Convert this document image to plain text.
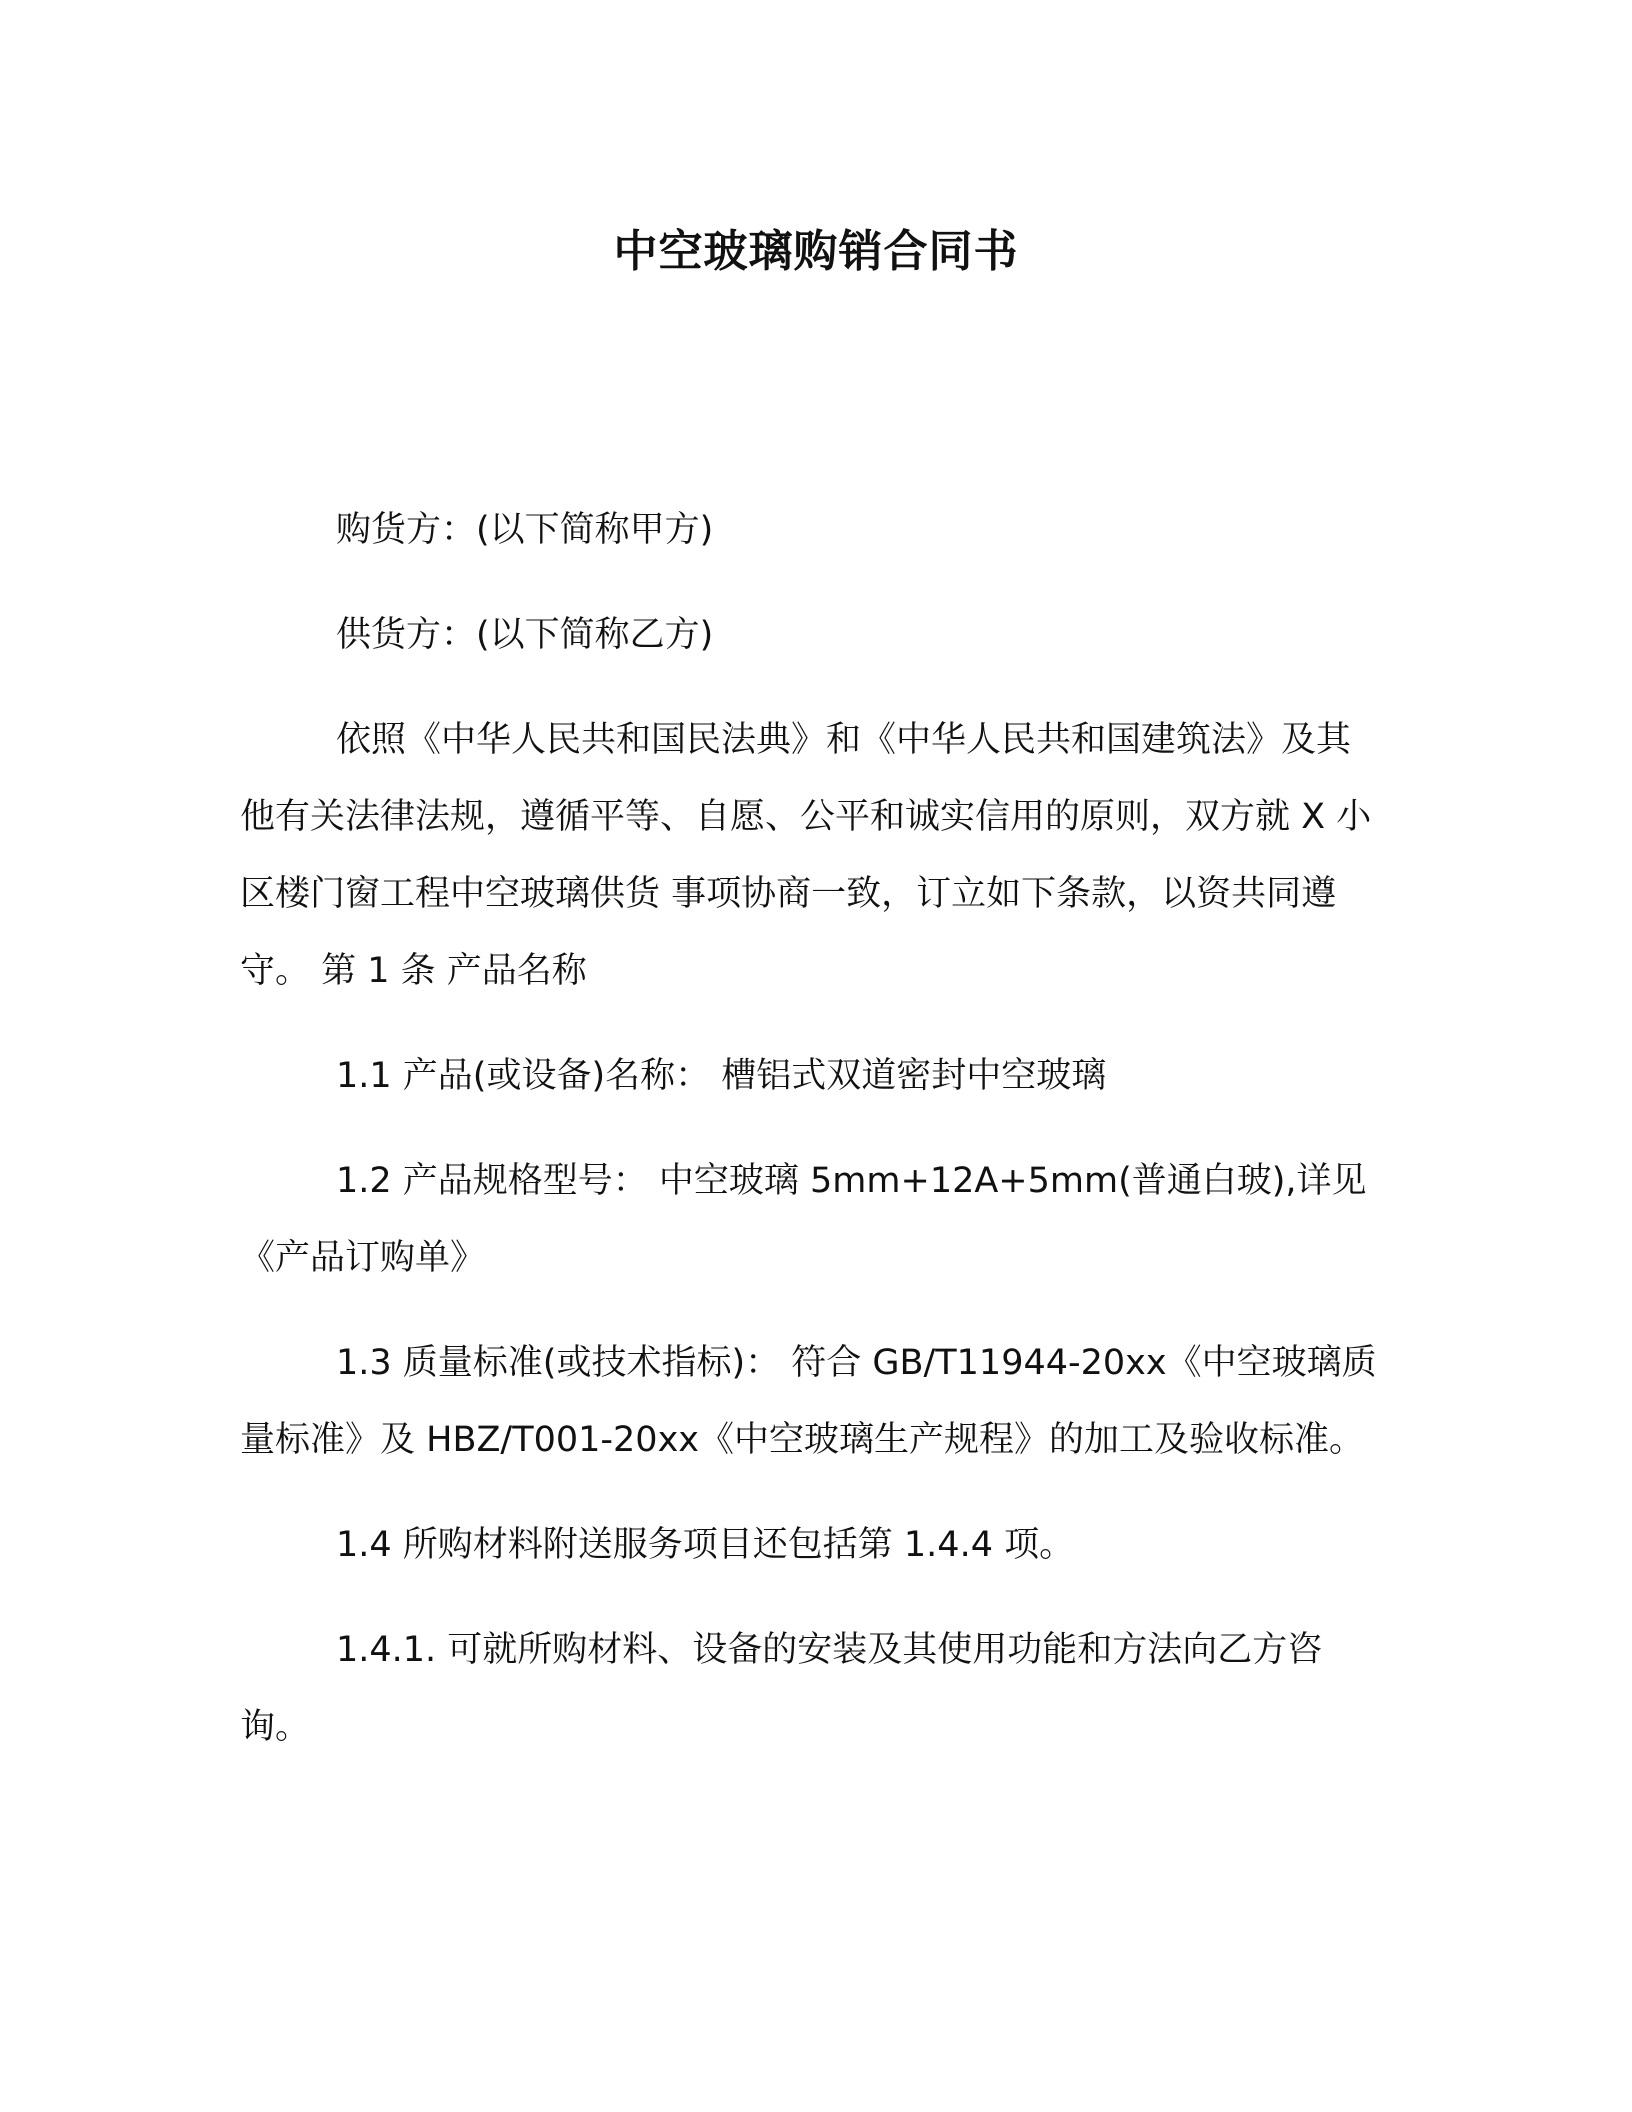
中空玻璃购销合同书

购货方：(以下简称甲方)

供货方：(以下简称乙方)

依照《中华人民共和国民法典》和《中华人民共和国建筑法》及其他有关法律法规，遵循平等、自愿、公平和诚实信用的原则，双方就 X 小区楼门窗工程中空玻璃供货 事项协商一致，订立如下条款，以资共同遵守。 第 1 条 产品名称

1.1 产品(或设备)名称： 槽铝式双道密封中空玻璃

1.2 产品规格型号： 中空玻璃 5mm+12A+5mm(普通白玻),详见《产品订购单》

1.3 质量标准(或技术指标)： 符合 GB/T11944-20xx《中空玻璃质量标准》及 HBZ/T001-20xx《中空玻璃生产规程》的加工及验收标准。

1.4 所购材料附送服务项目还包括第 1.4.4 项。

1.4.1. 可就所购材料、设备的安装及其使用功能和方法向乙方咨询。
